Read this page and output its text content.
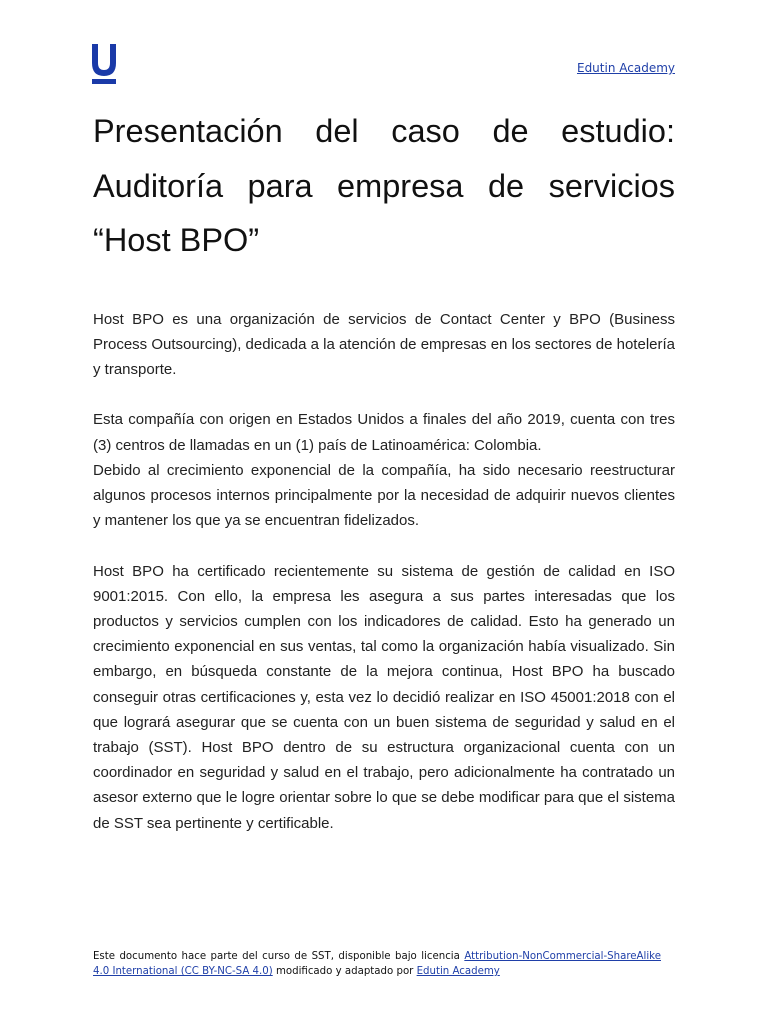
Edutin Academy
Presentación del caso de estudio: Auditoría para empresa de servicios “Host BPO”

Host BPO es una organización de servicios de Contact Center y BPO (Business Process Outsourcing), dedicada a la atención de empresas en los sectores de hotelería y transporte.

Esta compañía con origen en Estados Unidos a finales del año 2019, cuenta con tres (3) centros de llamadas en un (1) país de Latinoamérica: Colombia.

Debido al crecimiento exponencial de la compañía, ha sido necesario reestructurar algunos procesos internos principalmente por la necesidad de adquirir nuevos clientes y mantener los que ya se encuentran fidelizados.

Host BPO ha certificado recientemente su sistema de gestión de calidad en ISO 9001:2015. Con ello, la empresa les asegura a sus partes interesadas que los productos y servicios cumplen con los indicadores de calidad. Esto ha generado un crecimiento exponencial en sus ventas, tal como la organización había visualizado. Sin embargo, en búsqueda constante de la mejora continua, Host BPO ha buscado conseguir otras certificaciones y, esta vez lo decidió realizar en ISO 45001:2018 con el que logrará asegurar que se cuenta con un buen sistema de seguridad y salud en el trabajo (SST). Host BPO dentro de su estructura organizacional cuenta con un coordinador en seguridad y salud en el trabajo, pero adicionalmente ha contratado un asesor externo que le logre orientar sobre lo que se debe modificar para que el sistema de SST sea pertinente y certificable.

Este documento hace parte del curso de SST, disponible bajo licencia Attribution-NonCommercial-ShareAlike 4.0 International (CC BY-NC-SA 4.0) modificado y adaptado por Edutin Academy
